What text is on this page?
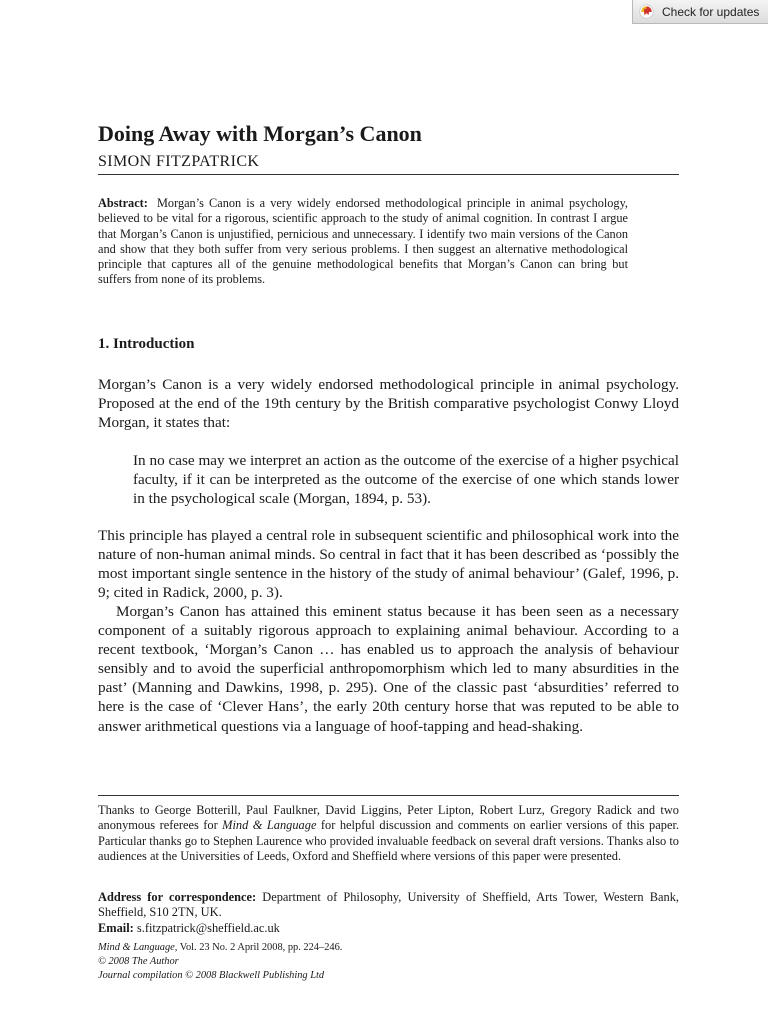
Check for updates
Doing Away with Morgan’s Canon
SIMON FITZPATRICK
Abstract: Morgan’s Canon is a very widely endorsed methodological principle in animal psychology, believed to be vital for a rigorous, scientific approach to the study of animal cognition. In contrast I argue that Morgan’s Canon is unjustified, pernicious and unnecessary. I identify two main versions of the Canon and show that they both suffer from very serious problems. I then suggest an alternative methodological principle that captures all of the genuine methodological benefits that Morgan’s Canon can bring but suffers from none of its problems.
1. Introduction
Morgan’s Canon is a very widely endorsed methodological principle in animal psychology. Proposed at the end of the 19th century by the British comparative psychologist Conwy Lloyd Morgan, it states that:
In no case may we interpret an action as the outcome of the exercise of a higher psychical faculty, if it can be interpreted as the outcome of the exercise of one which stands lower in the psychological scale (Morgan, 1894, p. 53).
This principle has played a central role in subsequent scientific and philosophical work into the nature of non-human animal minds. So central in fact that it has been described as ‘possibly the most important single sentence in the history of the study of animal behaviour’ (Galef, 1996, p. 9; cited in Radick, 2000, p. 3).
Morgan’s Canon has attained this eminent status because it has been seen as a necessary component of a suitably rigorous approach to explaining animal behaviour. According to a recent textbook, ‘Morgan’s Canon … has enabled us to approach the analysis of behaviour sensibly and to avoid the superficial anthropomorphism which led to many absurdities in the past’ (Manning and Dawkins, 1998, p. 295). One of the classic past ‘absurdities’ referred to here is the case of ‘Clever Hans’, the early 20th century horse that was reputed to be able to answer arithmetical questions via a language of hoof-tapping and head-shaking.
Thanks to George Botterill, Paul Faulkner, David Liggins, Peter Lipton, Robert Lurz, Gregory Radick and two anonymous referees for Mind & Language for helpful discussion and comments on earlier versions of this paper. Particular thanks go to Stephen Laurence who provided invaluable feedback on several draft versions. Thanks also to audiences at the Universities of Leeds, Oxford and Sheffield where versions of this paper were presented.
Address for correspondence: Department of Philosophy, University of Sheffield, Arts Tower, Western Bank, Sheffield, S10 2TN, UK.
Email: s.fitzpatrick@sheffield.ac.uk
Mind & Language, Vol. 23 No. 2 April 2008, pp. 224–246.
© 2008 The Author
Journal compilation © 2008 Blackwell Publishing Ltd
